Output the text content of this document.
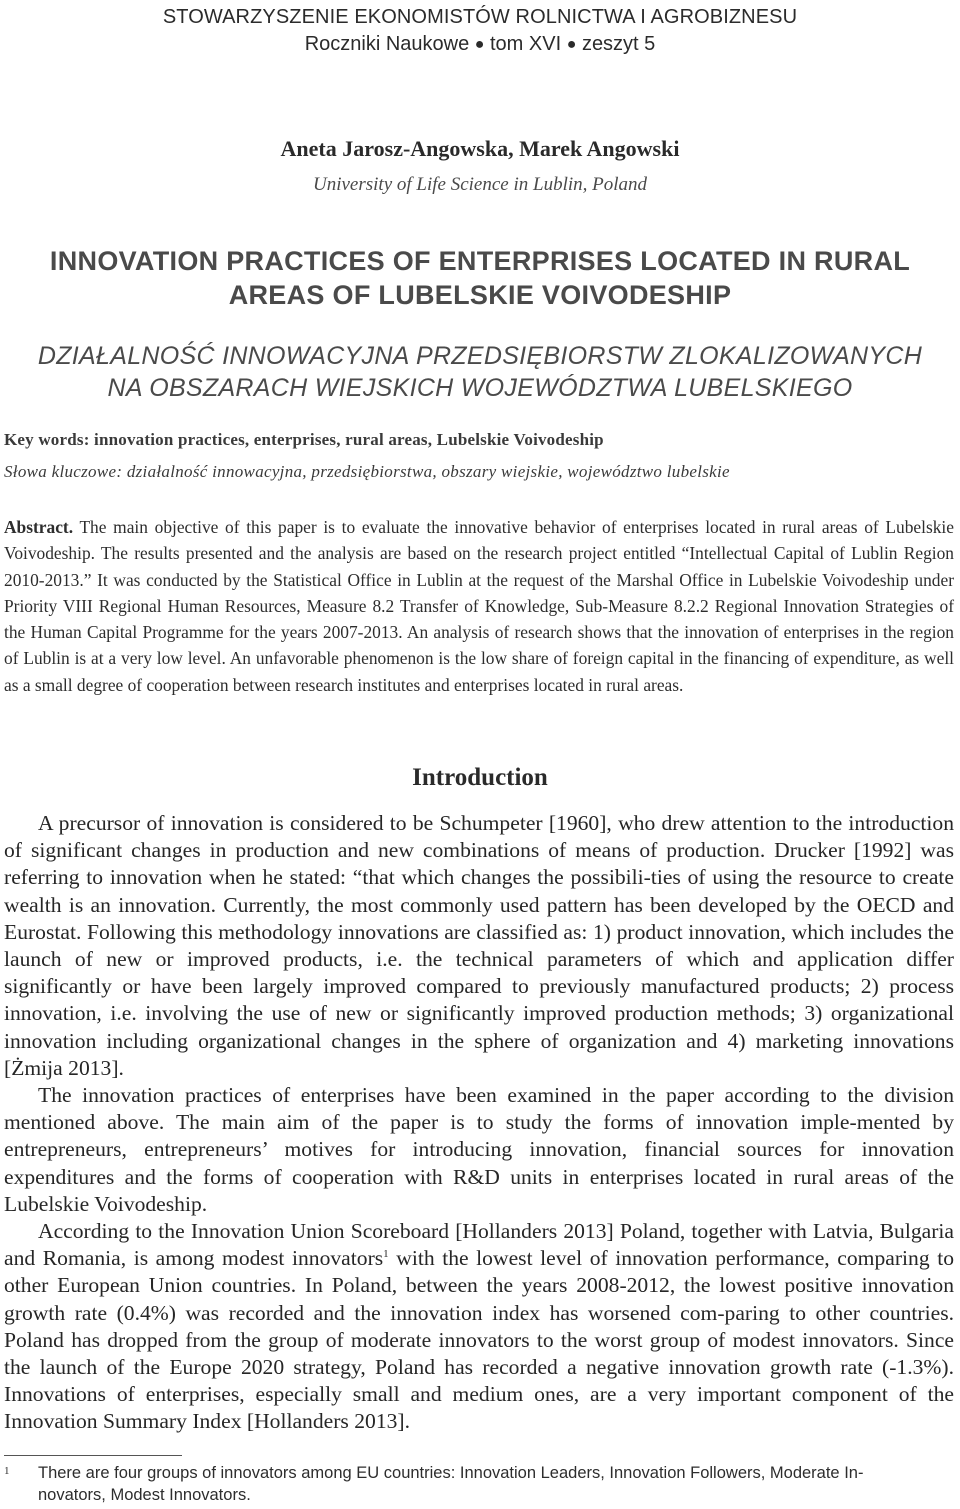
STOWARZYSZENIE EKONOMISTÓW ROLNICTWA I AGROBIZNESU
Roczniki Naukowe ● tom XVI ● zeszyt 5
Aneta Jarosz-Angowska, Marek Angowski
University of Life Science in Lublin, Poland
INNOVATION PRACTICES OF ENTERPRISES LOCATED IN RURAL
AREAS OF LUBELSKIE VOIVODESHIP
DZIAŁALNOŚĆ INNOWACYJNA PRZEDSIĘBIORSTW ZLOKALIZOWANYCH
NA OBSZARACH WIEJSKICH WOJEWÓDZTWA LUBELSKIEGO
Key words: innovation practices, enterprises, rural areas, Lubelskie Voivodeship
Słowa kluczowe: działalność innowacyjna, przedsiębiorstwa, obszary wiejskie, województwo lubelskie
Abstract. The main objective of this paper is to evaluate the innovative behavior of enterprises located in rural areas of Lubelskie Voivodeship. The results presented and the analysis are based on the research project entitled “Intellectual Capital of Lublin Region 2010-2013.” It was conducted by the Statistical Office in Lublin at the request of the Marshal Office in Lubelskie Voivodeship under Priority VIII Regional Human Resources, Measure 8.2 Transfer of Knowledge, Sub-Measure 8.2.2 Regional Innovation Strategies of the Human Capital Programme for the years 2007-2013. An analysis of research shows that the innovation of enterprises in the region of Lublin is at a very low level. An unfavorable phenomenon is the low share of foreign capital in the financing of expenditure, as well as a small degree of cooperation between research institutes and enterprises located in rural areas.
Introduction

A precursor of innovation is considered to be Schumpeter [1960], who drew attention to the introduction of significant changes in production and new combinations of means of production. Drucker [1992] was referring to innovation when he stated: “that which changes the possibili-ties of using the resource to create wealth is an innovation. Currently, the most commonly used pattern has been developed by the OECD and Eurostat. Following this methodology innovations are classified as: 1) product innovation, which includes the launch of new or improved products, i.e. the technical parameters of which and application differ significantly or have been largely improved compared to previously manufactured products; 2) process innovation, i.e. involving the use of new or significantly improved production methods; 3) organizational innovation including organizational changes in the sphere of organization and 4) marketing innovations [Żmija 2013].

The innovation practices of enterprises have been examined in the paper according to the division mentioned above. The main aim of the paper is to study the forms of innovation imple-mented by entrepreneurs, entrepreneurs’ motives for introducing innovation, financial sources for innovation expenditures and the forms of cooperation with R&D units in enterprises located in rural areas of the Lubelskie Voivodeship.

According to the Innovation Union Scoreboard [Hollanders 2013] Poland, together with Latvia, Bulgaria and Romania, is among modest innovators$^1$ with the lowest level of innovation performance, comparing to other European Union countries. In Poland, between the years 2008-2012, the lowest positive innovation growth rate (0.4%) was recorded and the innovation index has worsened com-paring to other countries. Poland has dropped from the group of moderate innovators to the worst group of modest innovators. Since the launch of the Europe 2020 strategy, Poland has recorded a negative innovation growth rate (-1.3%). Innovations of enterprises, especially small and medium ones, are a very important component of the Innovation Summary Index [Hollanders 2013].

1 There are four groups of innovators among EU countries: Innovation Leaders, Innovation Followers, Moderate In-
novators, Modest Innovators.
